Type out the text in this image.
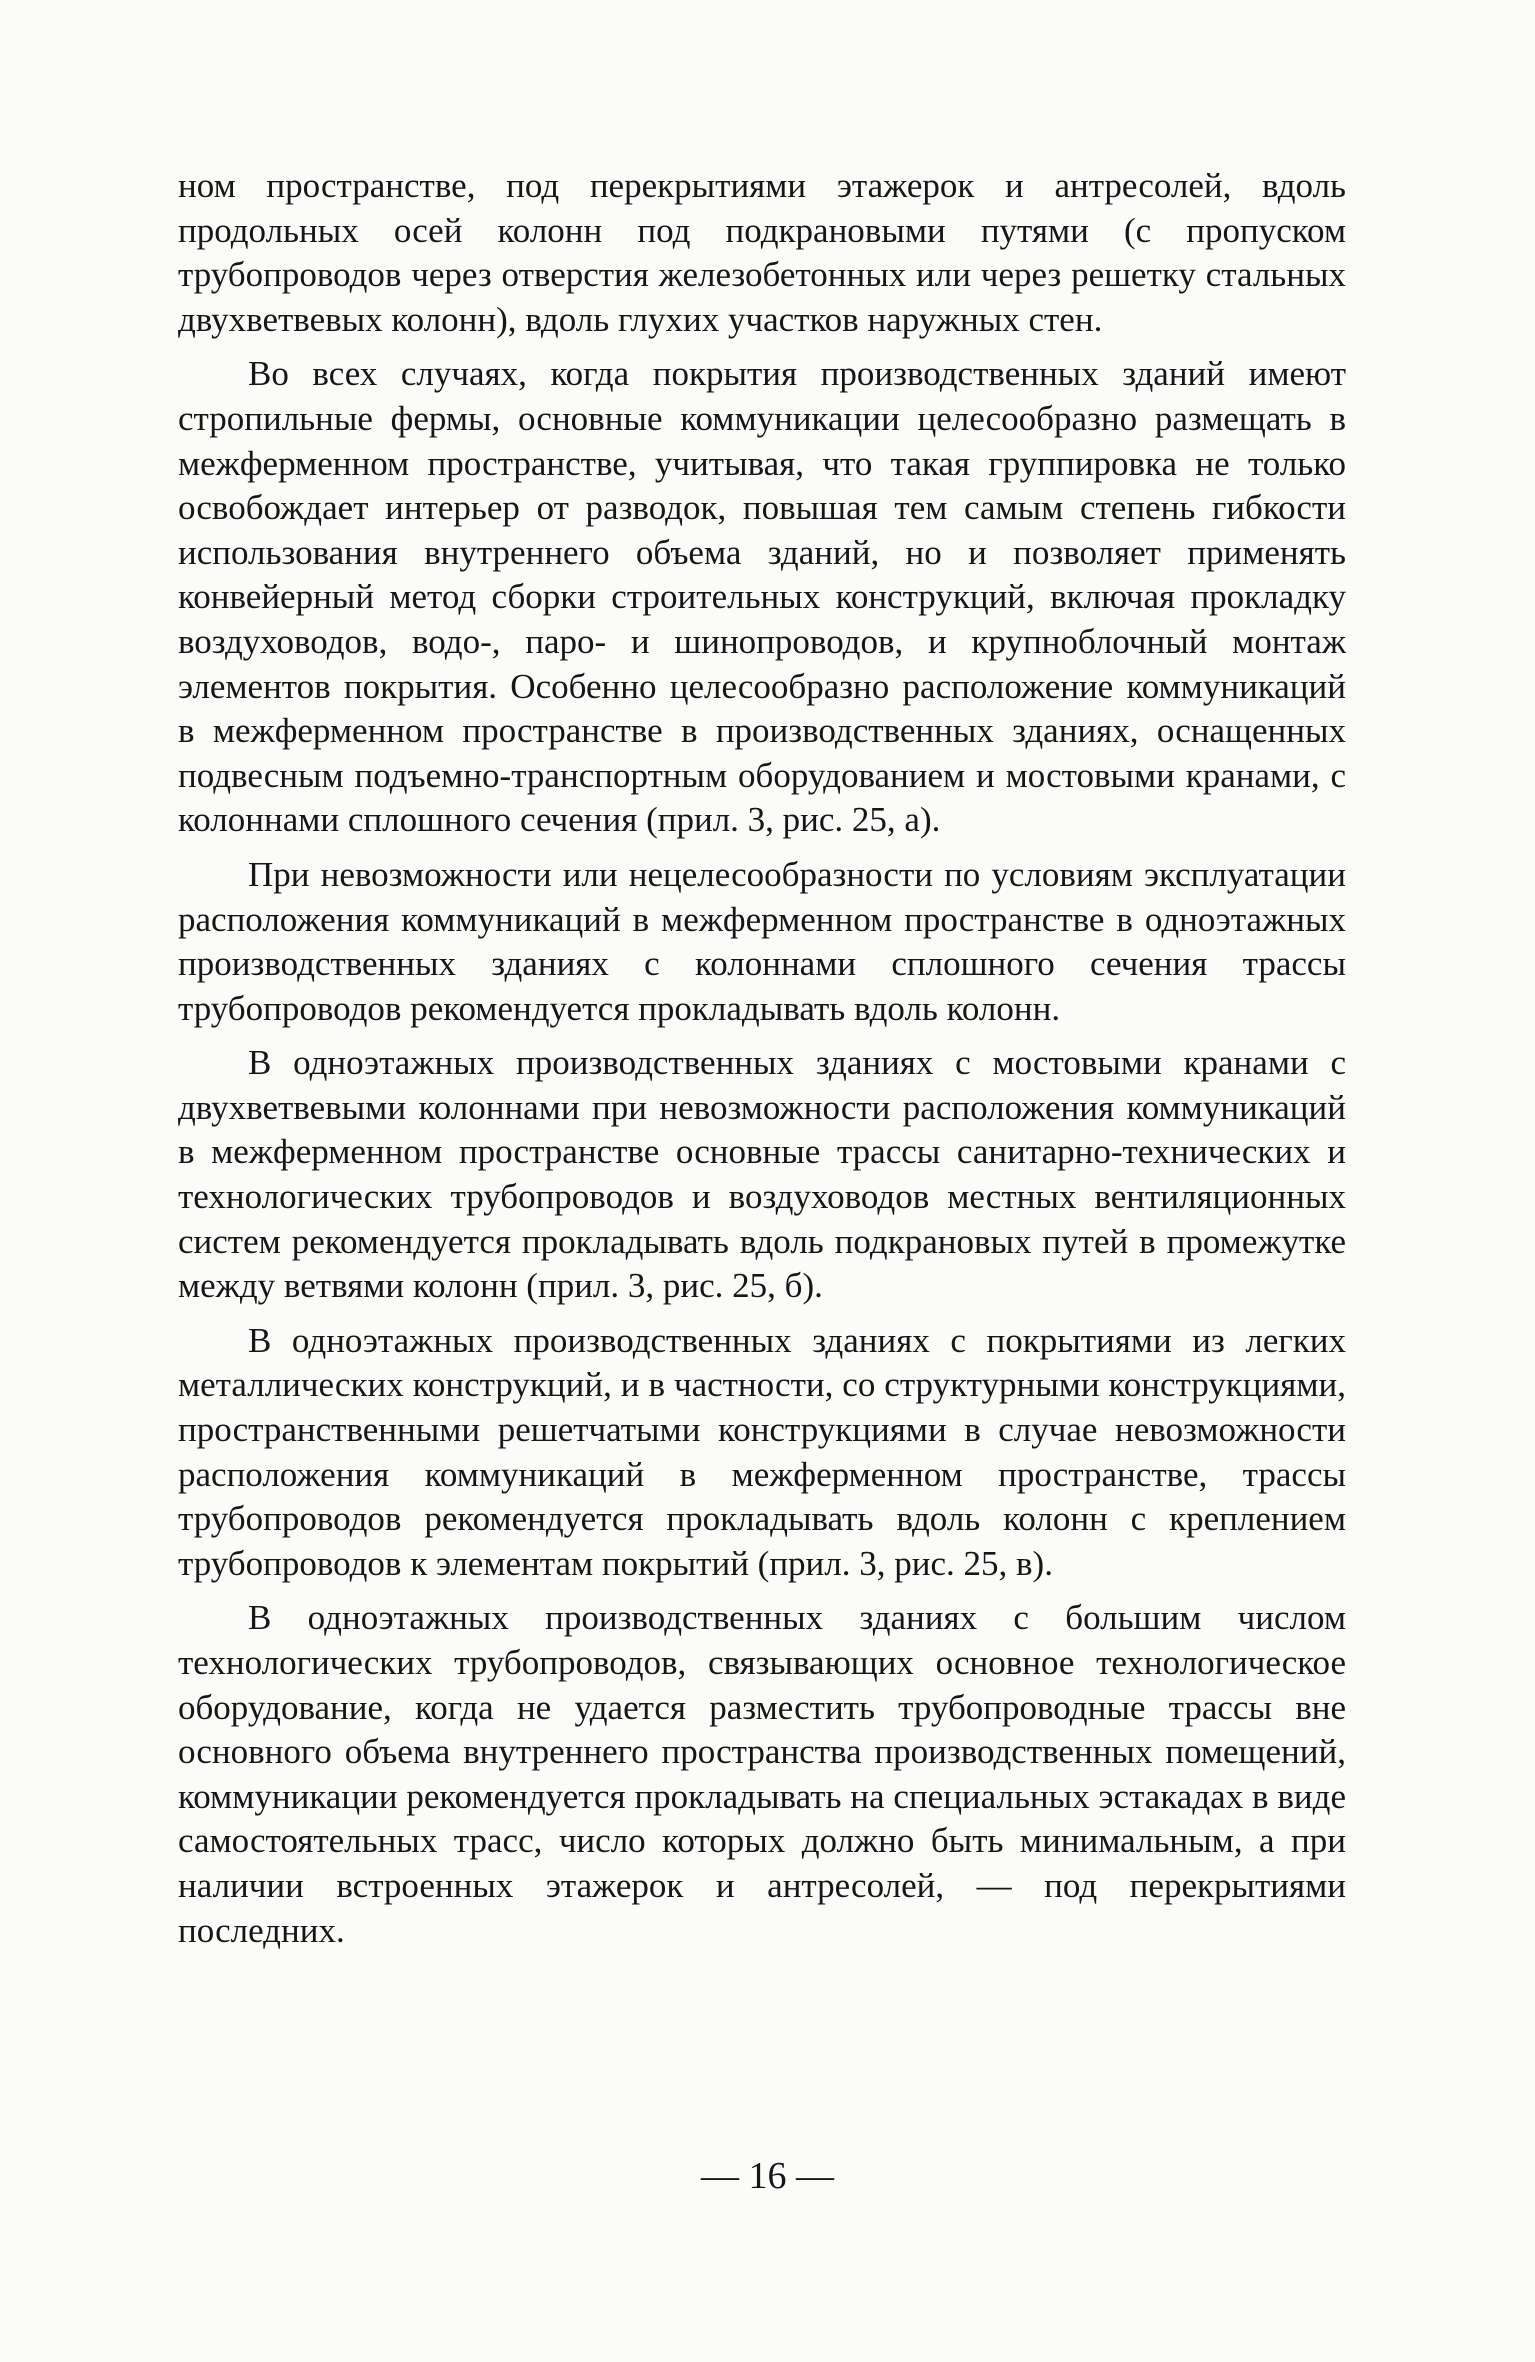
ном пространстве, под перекрытиями этажерок и антресолей, вдоль продольных осей колонн под подкрановыми путями (с пропуском трубопроводов через отверстия железобетонных или через решетку стальных двухветвевых колонн), вдоль глухих участков наружных стен.

Во всех случаях, когда покрытия производственных зданий имеют стропильные фермы, основные коммуникации целесообразно размещать в межферменном пространстве, учитывая, что такая группировка не только освобождает интерьер от разводок, повышая тем самым степень гибкости использования внутреннего объема зданий, но и позволяет применять конвейерный метод сборки строительных конструкций, включая прокладку воздуховодов, водо-, паро- и шинопроводов, и крупноблочный монтаж элементов покрытия. Особенно целесообразно расположение коммуникаций в межферменном пространстве в производственных зданиях, оснащенных подвесным подъемно-транспортным оборудованием и мостовыми кранами, с колоннами сплошного сечения (прил. 3, рис. 25, а).

При невозможности или нецелесообразности по условиям эксплуатации расположения коммуникаций в межферменном пространстве в одноэтажных производственных зданиях с колоннами сплошного сечения трассы трубопроводов рекомендуется прокладывать вдоль колонн.

В одноэтажных производственных зданиях с мостовыми кранами с двухветвевыми колоннами при невозможности расположения коммуникаций в межферменном пространстве основные трассы санитарно-технических и технологических трубопроводов и воздуховодов местных вентиляционных систем рекомендуется прокладывать вдоль подкрановых путей в промежутке между ветвями колонн (прил. 3, рис. 25, б).

В одноэтажных производственных зданиях с покрытиями из легких металлических конструкций, и в частности, со структурными конструкциями, пространственными решетчатыми конструкциями в случае невозможности расположения коммуникаций в межферменном пространстве, трассы трубопроводов рекомендуется прокладывать вдоль колонн с креплением трубопроводов к элементам покрытий (прил. 3, рис. 25, в).

В одноэтажных производственных зданиях с большим числом технологических трубопроводов, связывающих основное технологическое оборудование, когда не удается разместить трубопроводные трассы вне основного объема внутреннего пространства производственных помещений, коммуникации рекомендуется прокладывать на специальных эстакадах в виде самостоятельных трасс, число которых должно быть минимальным, а при наличии встроенных этажерок и антресолей, — под перекрытиями последних.

— 16 —
